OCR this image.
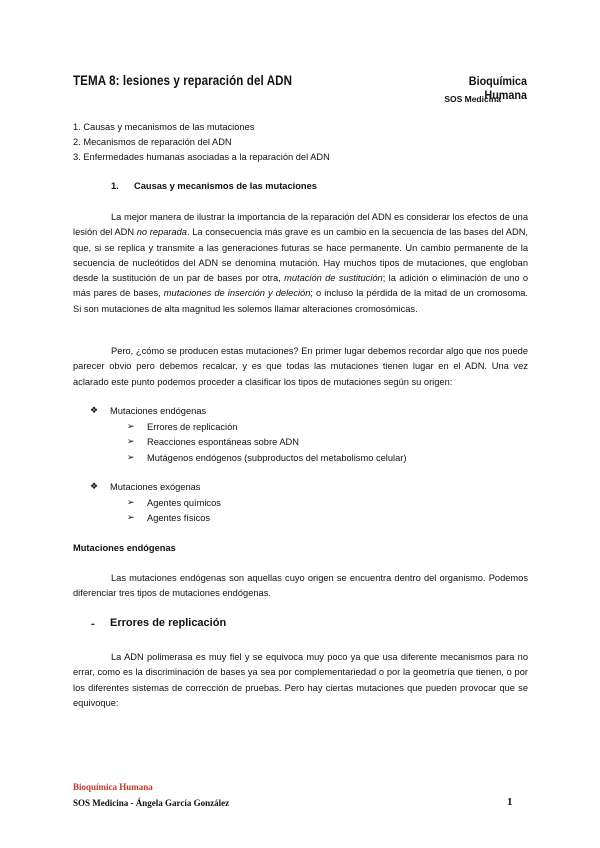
TEMA 8: lesiones y reparación del ADN	Bioquímica Humana
SOS Medicina
1. Causas y mecanismos de las mutaciones
2. Mecanismos de reparación del ADN
3. Enfermedades humanas asociadas a la reparación del ADN
1. Causas y mecanismos de las mutaciones

La mejor manera de ilustrar la importancia de la reparación del ADN es considerar los efectos de una lesión del ADN no reparada. La consecuencia más grave es un cambio en la secuencia de las bases del ADN, que, si se replica y transmite a las generaciones futuras se hace permanente. Un cambio permanente de la secuencia de nucleótidos del ADN se denomina mutación. Hay muchos tipos de mutaciones, que engloban desde la sustitución de un par de bases por otra, mutación de sustitución; la adición o eliminación de uno o más pares de bases, mutaciones de inserción y deleción; o incluso la pérdida de la mitad de un cromosoma. Si son mutaciones de alta magnitud les solemos llamar alteraciones cromosómicas.

Pero, ¿cómo se producen estas mutaciones? En primer lugar debemos recordar algo que nos puede parecer obvio pero debemos recalcar, y es que todas las mutaciones tienen lugar en el ADN. Una vez aclarado este punto podemos proceder a clasificar los tipos de mutaciones según su origen:

❖	Mutaciones endógenas
➢	Errores de replicación
➢	Reacciones espontáneas sobre ADN
➢	Mutágenos endógenos (subproductos del metabolismo celular)
❖	Mutaciones exógenas
➢	Agentes químicos
➢	Agentes físicos
Mutaciones endógenas

Las mutaciones endógenas son aquellas cuyo origen se encuentra dentro del organismo. Podemos diferenciar tres tipos de mutaciones endógenas.

- Errores de replicación

La ADN polimerasa es muy fiel y se equivoca muy poco ya que usa diferente mecanismos para no errar, como es la discriminación de bases ya sea por complementariedad o por la geometría que tienen, o por los diferentes sistemas de corrección de pruebas. Pero hay ciertas mutaciones que pueden provocar que se equivoque:

Bioquímica Humana
SOS Medicina - Ángela García González	1
